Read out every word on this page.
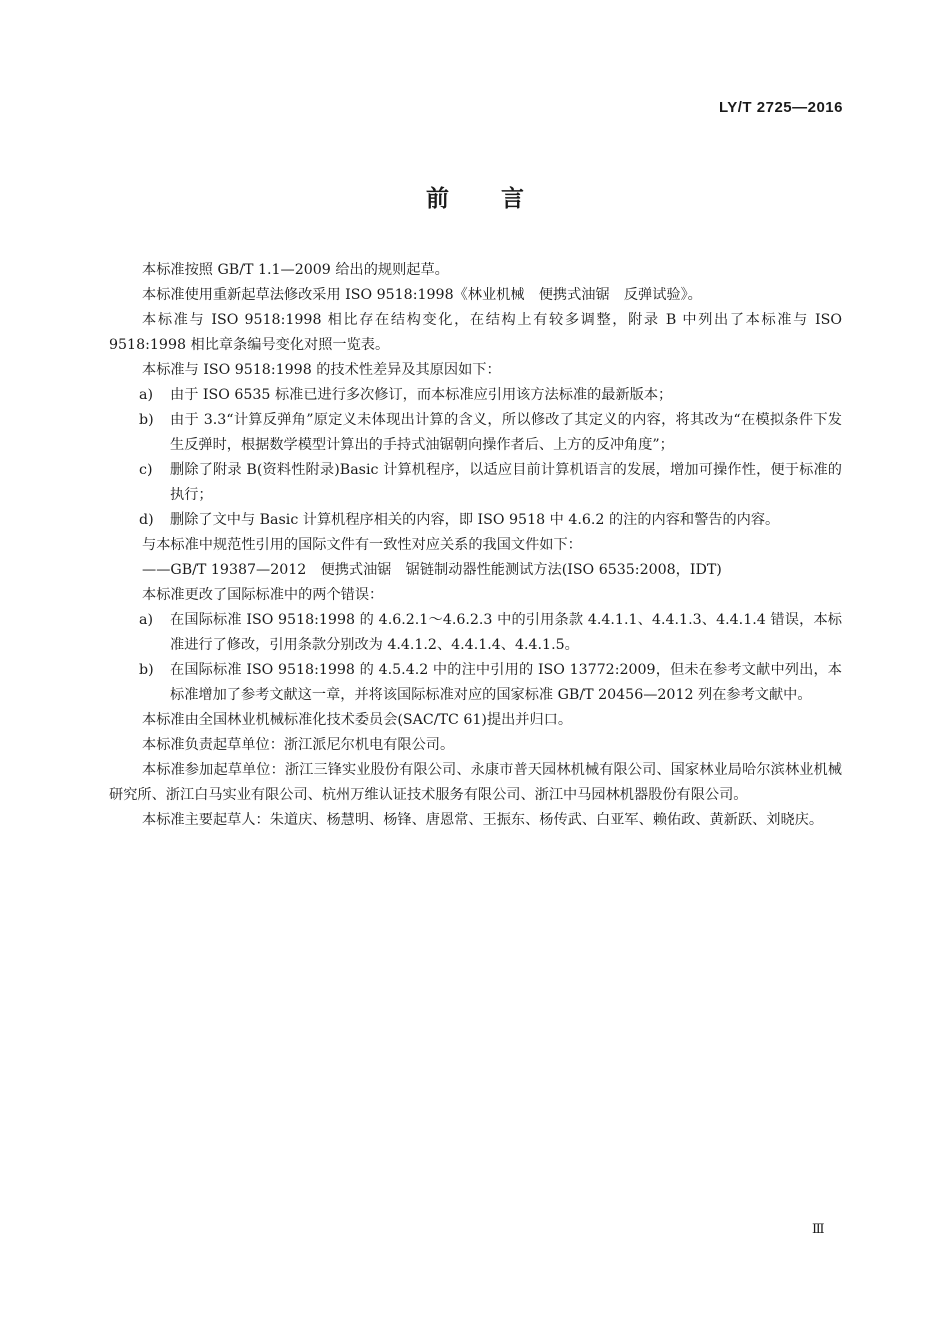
LY/T 2725—2016
前言

本标准按照 GB/T 1.1—2009 给出的规则起草。

本标准使用重新起草法修改采用 ISO 9518:1998《林业机械　便携式油锯　反弹试验》。

本标准与 ISO 9518:1998 相比存在结构变化，在结构上有较多调整，附录 B 中列出了本标准与 ISO 9518:1998 相比章条编号变化对照一览表。

本标准与 ISO 9518:1998 的技术性差异及其原因如下：

a)	由于 ISO 6535 标准已进行多次修订，而本标准应引用该方法标准的最新版本；
b)	由于 3.3“计算反弹角”原定义未体现出计算的含义，所以修改了其定义的内容，将其改为“在模拟条件下发生反弹时，根据数学模型计算出的手持式油锯朝向操作者后、上方的反冲角度”；
c)	删除了附录 B(资料性附录)Basic 计算机程序，以适应目前计算机语言的发展，增加可操作性，便于标准的执行；
d)	删除了文中与 Basic 计算机程序相关的内容，即 ISO 9518 中 4.6.2 的注的内容和警告的内容。

与本标准中规范性引用的国际文件有一致性对应关系的我国文件如下：

——GB/T 19387—2012　便携式油锯　锯链制动器性能测试方法(ISO 6535:2008，IDT)

本标准更改了国际标准中的两个错误：

a)	在国际标准 ISO 9518:1998 的 4.6.2.1～4.6.2.3 中的引用条款 4.4.1.1、4.4.1.3、4.4.1.4 错误，本标准进行了修改，引用条款分别改为 4.4.1.2、4.4.1.4、4.4.1.5。
b)	在国际标准 ISO 9518:1998 的 4.5.4.2 中的注中引用的 ISO 13772:2009，但未在参考文献中列出，本标准增加了参考文献这一章，并将该国际标准对应的国家标准 GB/T 20456—2012 列在参考文献中。

本标准由全国林业机械标准化技术委员会(SAC/TC 61)提出并归口。

本标准负责起草单位：浙江派尼尔机电有限公司。

本标准参加起草单位：浙江三锋实业股份有限公司、永康市普天园林机械有限公司、国家林业局哈尔滨林业机械研究所、浙江白马实业有限公司、杭州万维认证技术服务有限公司、浙江中马园林机器股份有限公司。

本标准主要起草人：朱道庆、杨慧明、杨锋、唐恩常、王振东、杨传武、白亚军、赖佑政、黄新跃、刘晓庆。

Ⅲ
